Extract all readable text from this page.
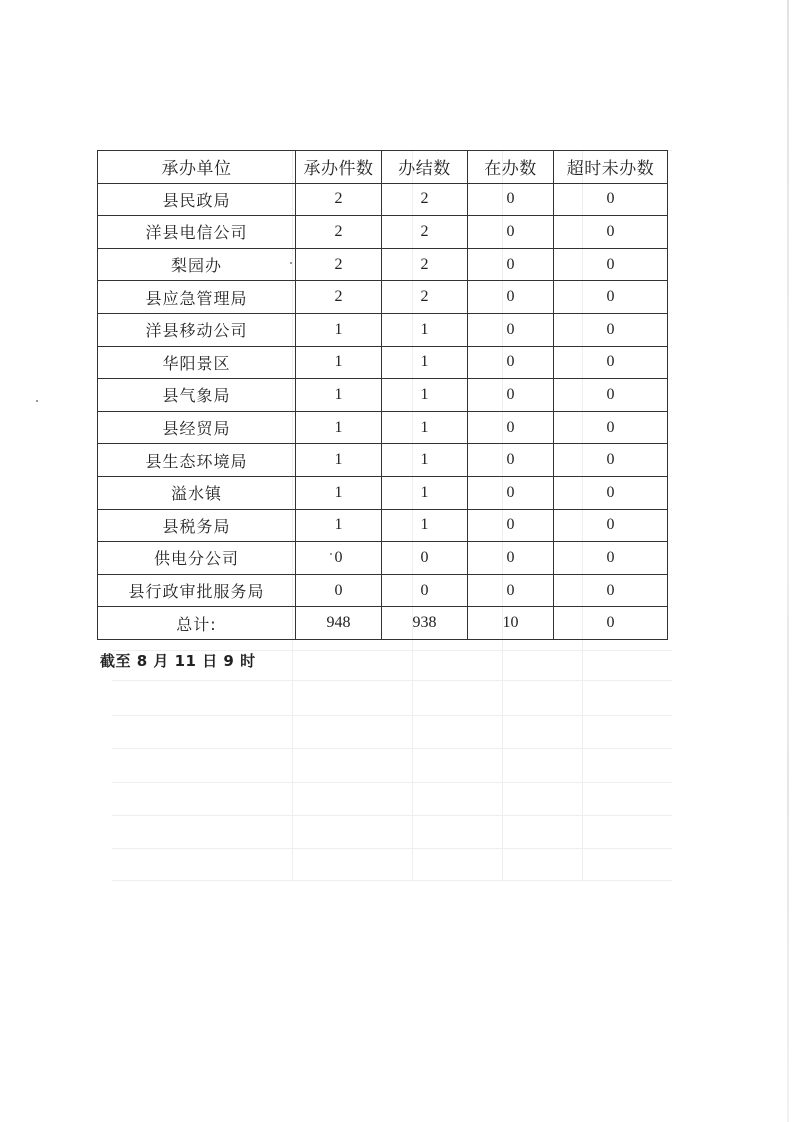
承办单位	承办件数	办结数	在办数	超时未办数
县民政局	2	2	0	0
洋县电信公司	2	2	0	0
梨园办	2	2	0	0
县应急管理局	2	2	0	0
洋县移动公司	1	1	0	0
华阳景区	1	1	0	0
县气象局	1	1	0	0
县经贸局	1	1	0	0
县生态环境局	1	1	0	0
溢水镇	1	1	0	0
县税务局	1	1	0	0
供电分公司	0	0	0	0
县行政审批服务局	0	0	0	0
总计:	948	938	10	0
截至 8 月 11 日 9 时
